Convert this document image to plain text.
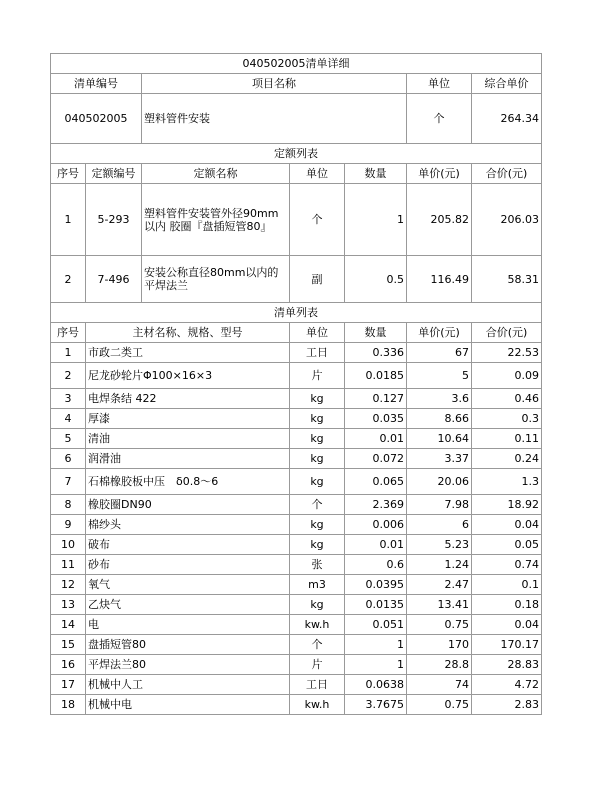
040502005清单详细						
清单编号		项目名称			单位	综合单价
040502005		塑料管件安装			个	264.34
定额列表						
序号	定额编号	定额名称	单位	数量	单价(元)	合价(元)
1	5-293	塑料管件安装管外径90mm以内 胶圈『盘插短管80』	个	1	205.82	206.03
2	7-496	安装公称直径80mm以内的平焊法兰	副	0.5	116.49	58.31
清单列表						
序号	主材名称、规格、型号		单位	数量	单价(元)	合价(元)
1	市政二类工		工日	0.336	67	22.53
2	尼龙砂轮片Φ100×16×3		片	0.0185	5	0.09
3	电焊条结 422		kg	0.127	3.6	0.46
4	厚漆		kg	0.035	8.66	0.3
5	清油		kg	0.01	10.64	0.11
6	润滑油		kg	0.072	3.37	0.24
7	石棉橡胶板中压　δ0.8～6		kg	0.065	20.06	1.3
8	橡胶圈DN90		个	2.369	7.98	18.92
9	棉纱头		kg	0.006	6	0.04
10	破布		kg	0.01	5.23	0.05
11	砂布		张	0.6	1.24	0.74
12	氧气		m3	0.0395	2.47	0.1
13	乙炔气		kg	0.0135	13.41	0.18
14	电		kw.h	0.051	0.75	0.04
15	盘插短管80		个	1	170	170.17
16	平焊法兰80		片	1	28.8	28.83
17	机械中人工		工日	0.0638	74	4.72
18	机械中电		kw.h	3.7675	0.75	2.83
